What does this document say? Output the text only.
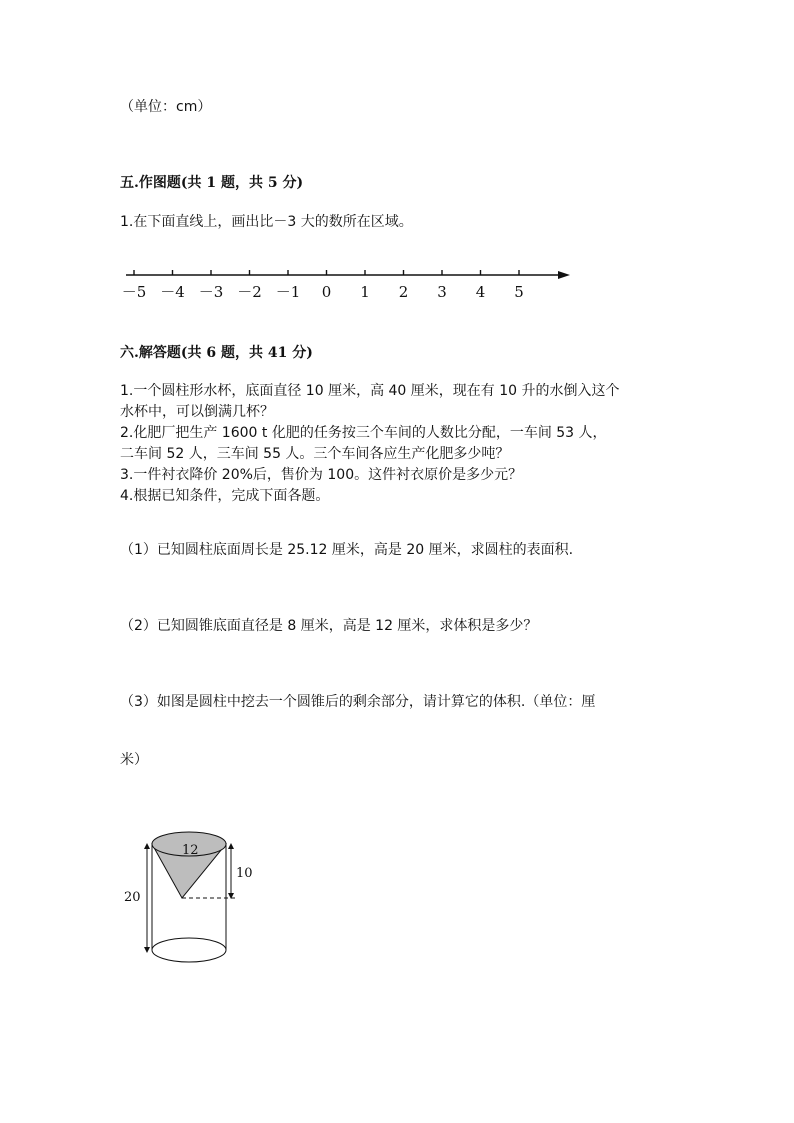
（单位：cm）
五.作图题(共 1 题，共 5 分)
1.在下面直线上，画出比－3 大的数所在区域。
－5 －4 －3 －2 －1 0 1 2 3 4 5
六.解答题(共 6 题，共 41 分)
1.一个圆柱形水杯，底面直径 10 厘米，高 40 厘米，现在有 10 升的水倒入这个
水杯中，可以倒满几杯？
2.化肥厂把生产 1600 t 化肥的任务按三个车间的人数比分配，一车间 53 人，
二车间 52 人，三车间 55 人。三个车间各应生产化肥多少吨？
3.一件衬衣降价 20%后，售价为 100。这件衬衣原价是多少元？
4.根据已知条件，完成下面各题。
（1）已知圆柱底面周长是 25.12 厘米，高是 20 厘米，求圆柱的表面积.
（2）已知圆锥底面直径是 8 厘米，高是 12 厘米，求体积是多少？
（3）如图是圆柱中挖去一个圆锥后的剩余部分，请计算它的体积.（单位：厘
米）
12
10
20
